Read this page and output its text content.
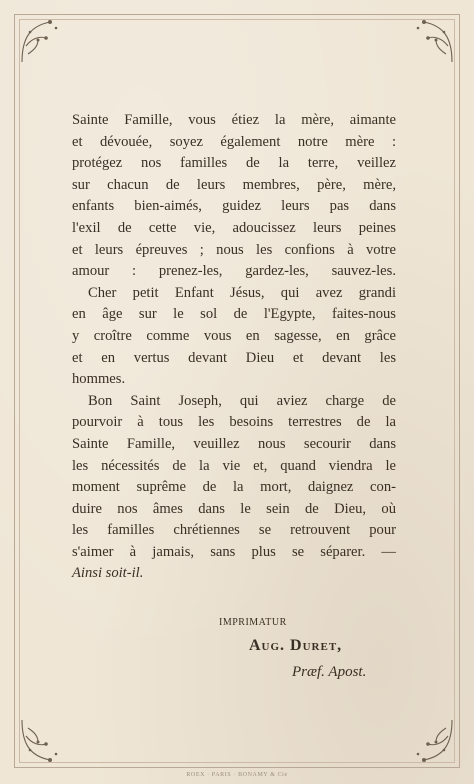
Sainte Famille, vous étiez la mère, aimante
et dévouée, soyez également notre mère :
protégez nos familles de la terre, veillez
sur chacun de leurs membres, père, mère,
enfants bien-aimés, guidez leurs pas dans
l'exil de cette vie, adoucissez leurs peines
et leurs épreuves ; nous les confions à votre
amour : prenez-les, gardez-les, sauvez-les.
Cher petit Enfant Jésus, qui avez grandi
en âge sur le sol de l'Egypte, faites-nous
y croître comme vous en sagesse, en grâce
et en vertus devant Dieu et devant les
hommes.
Bon Saint Joseph, qui aviez charge de
pourvoir à tous les besoins terrestres de la
Sainte Famille, veuillez nous secourir dans
les nécessités de la vie et, quand viendra le
moment suprême de la mort, daignez con-
duire nos âmes dans le sein de Dieu, où
les familles chrétiennes se retrouvent pour
s'aimer à jamais, sans plus se séparer. —
Ainsi soit-il.
IMPRIMATUR
Aug. Duret,
Præf. Apost.
ROEX · PARIS · BONAMY & Cie
